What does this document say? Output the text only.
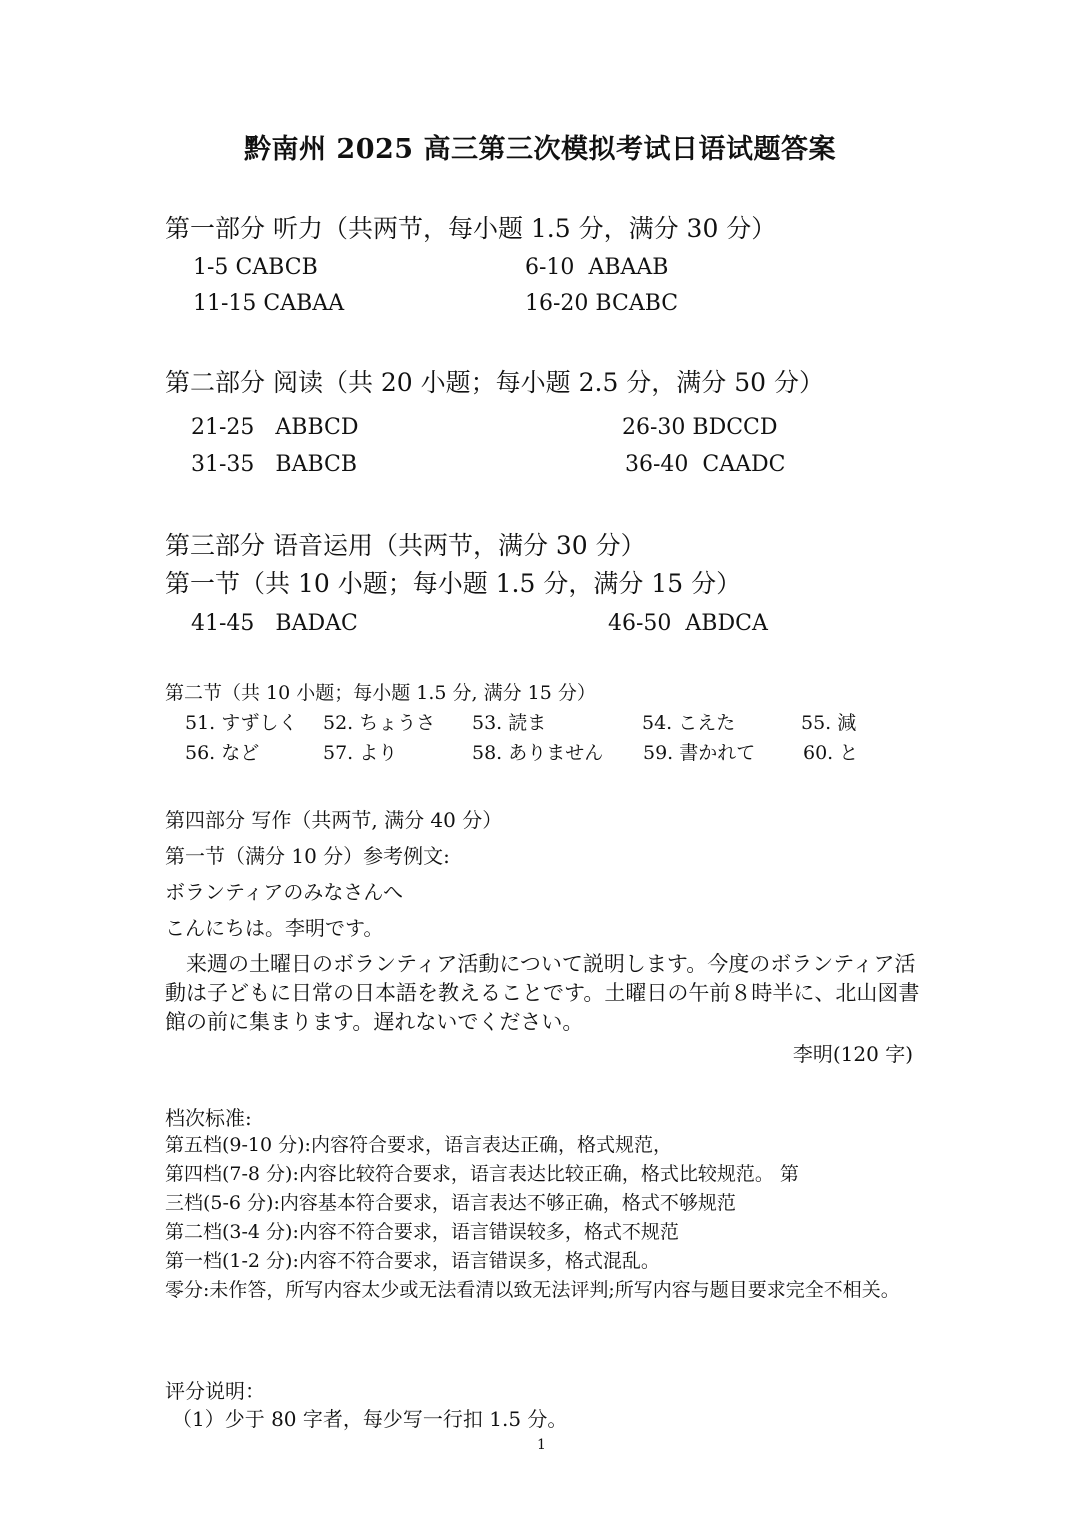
黔南州 2025 高三第三次模拟考试日语试题答案
第一部分 听力（共两节，每小题 1.5 分，满分 30 分）
1-5 CABCB	6-10 ABAAB
11-15 CABAA	16-20 BCABC
第二部分 阅读（共 20 小题；每小题 2.5 分，满分 50 分）
21-25 ABBCD	26-30 BDCCD
31-35 BABCB	36-40 CAADC
第三部分 语音运用（共两节，满分 30 分）
第一节（共 10 小题；每小题 1.5 分，满分 15 分）
41-45 BADAC	46-50 ABDCA
第二节（共 10 小题；每小题 1.5 分, 满分 15 分）
51. すずしく 52. ちょうさ 53. 読ま	54. こえた	55. 減
56. など	57. より	58. ありません 59. 書かれて	60. と
第四部分 写作（共两节, 满分 40 分）
第一节（满分 10 分）参考例文:
ボランティアのみなさんへ
こんにちは。李明です。
来週の土曜日のボランティア活動について説明します。今度のボランティア活動は子どもに日常の日本語を教えることです。土曜日の午前８時半に、北山図書館の前に集まります。遅れないでください。
李明(120 字)
档次标准:
第五档(9-10 分):内容符合要求，语言表达正确，格式规范，
第四档(7-8 分):内容比较符合要求，语言表达比较正确，格式比较规范。 第
三档(5-6 分):内容基本符合要求，语言表达不够正确，格式不够规范
第二档(3-4 分):内容不符合要求，语言错误较多，格式不规范
第一档(1-2 分):内容不符合要求，语言错误多，格式混乱。
零分:未作答，所写内容太少或无法看清以致无法评判;所写内容与题目要求完全不相关。
评分说明：
（1）少于 80 字者，每少写一行扣 1.5 分。
1
